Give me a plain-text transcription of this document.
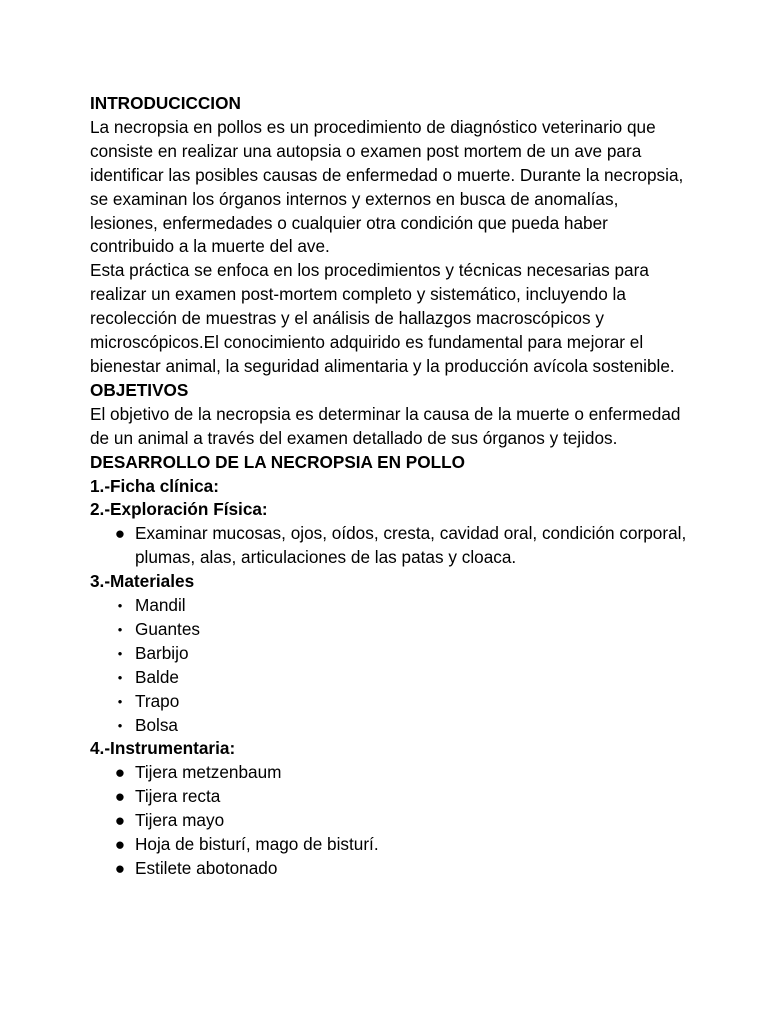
INTRODUCICCION

La necropsia en pollos es un procedimiento de diagnóstico veterinario que consiste en realizar una autopsia o examen post mortem de un ave para identificar las posibles causas de enfermedad o muerte. Durante la necropsia, se examinan los órganos internos y externos en busca de anomalías, lesiones, enfermedades o cualquier otra condición que pueda haber contribuido a la muerte del ave.

Esta práctica se enfoca en los procedimientos y técnicas necesarias para realizar un examen post-mortem completo y sistemático, incluyendo la recolección de muestras y el análisis de hallazgos macroscópicos y microscópicos.El conocimiento adquirido es fundamental para mejorar el bienestar animal, la seguridad alimentaria y la producción avícola sostenible.

OBJETIVOS

El objetivo de la necropsia es determinar la causa de la muerte o enfermedad de un animal a través del examen detallado de sus órganos y tejidos.

DESARROLLO DE LA NECROPSIA EN POLLO
1.-Ficha clínica:
2.-Exploración Física:
● Examinar mucosas, ojos, oídos, cresta, cavidad oral, condición corporal, plumas, alas, articulaciones de las patas y cloaca.
3.-Materiales
• Mandil
• Guantes
• Barbijo
• Balde
• Trapo
• Bolsa
4.-Instrumentaria:
● Tijera metzenbaum
● Tijera recta
● Tijera mayo
● Hoja de bisturí, mago de bisturí.
● Estilete abotonado
